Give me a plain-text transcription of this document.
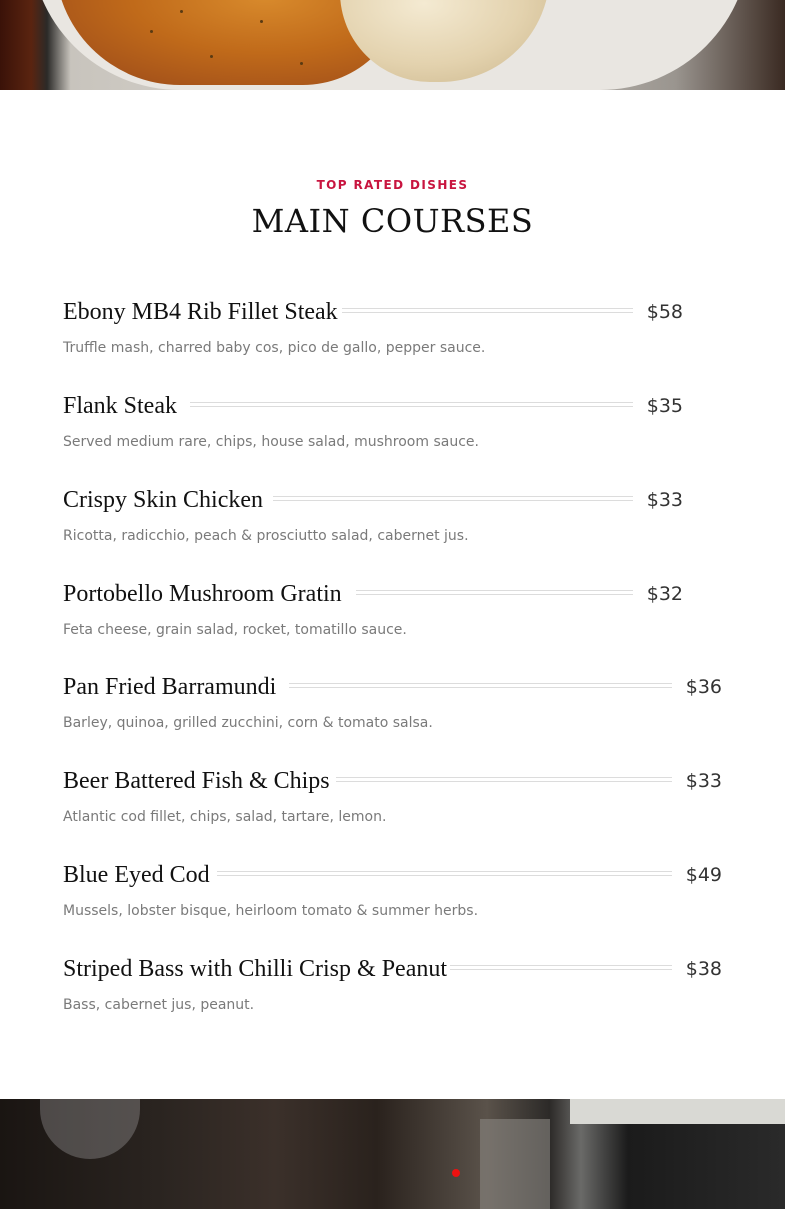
TOP RATED DISHES
MAIN COURSES
Ebony MB4 Rib Fillet Steak	$58
Truffle mash, charred baby cos, pico de gallo, pepper sauce.
Flank Steak	$35
Served medium rare, chips, house salad, mushroom sauce.
Crispy Skin Chicken	$33
Ricotta, radicchio, peach & prosciutto salad, cabernet jus.
Portobello Mushroom Gratin	$32
Feta cheese, grain salad, rocket, tomatillo sauce.
Pan Fried Barramundi	$36
Barley, quinoa, grilled zucchini, corn & tomato salsa.
Beer Battered Fish & Chips	$33
Atlantic cod fillet, chips, salad, tartare, lemon.
Blue Eyed Cod	$49
Mussels, lobster bisque, heirloom tomato & summer herbs.
Striped Bass with Chilli Crisp & Peanut	$38
Bass, cabernet jus, peanut.
